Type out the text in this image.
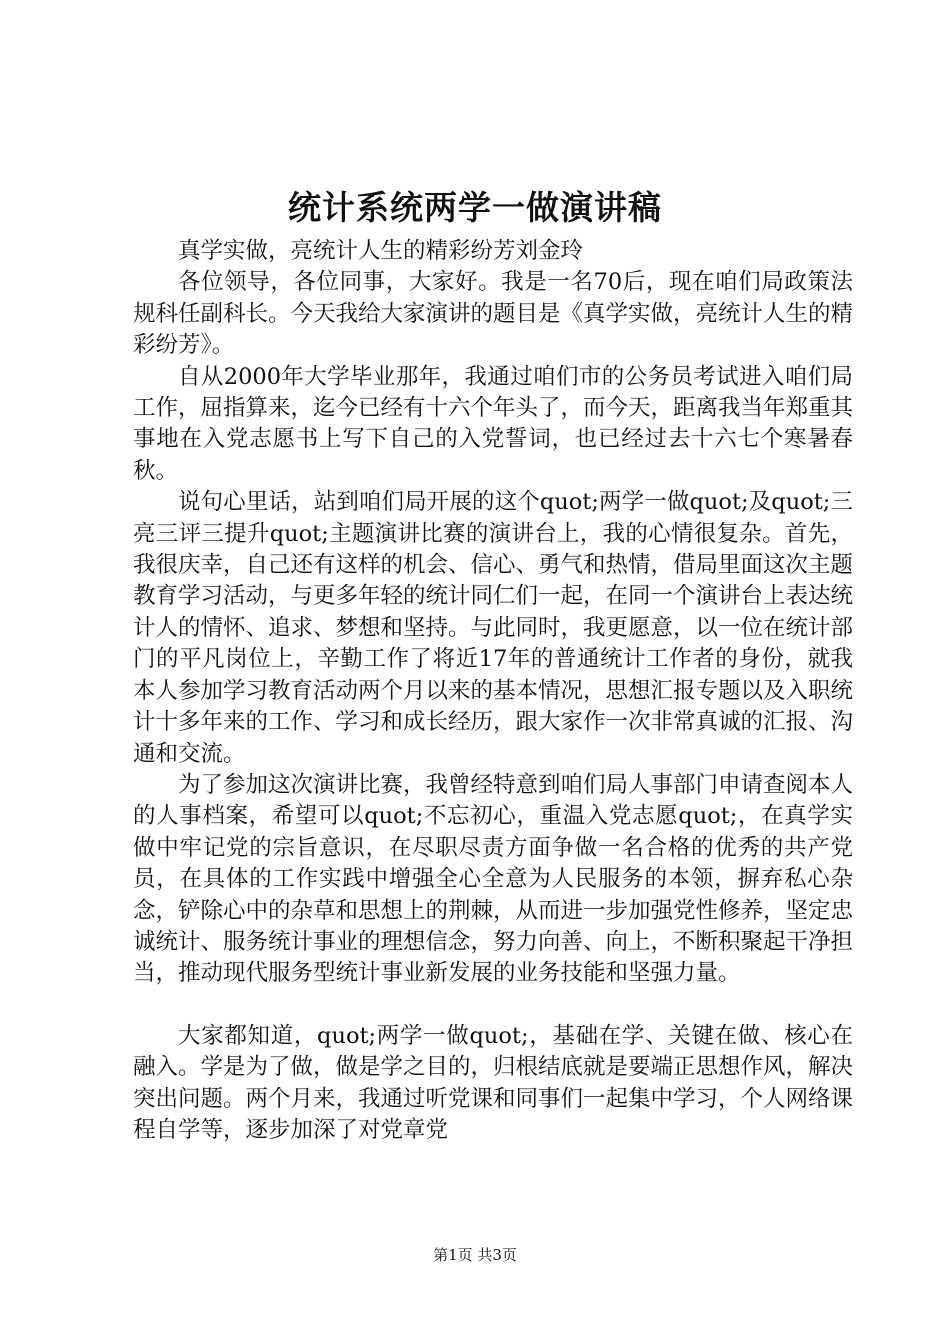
统计系统两学一做演讲稿

真学实做，亮统计人生的精彩纷芳刘金玲

各位领导，各位同事，大家好。我是一名70后，现在咱们局政策法规科任副科长。今天我给大家演讲的题目是《真学实做，亮统计人生的精彩纷芳》。

自从2000年大学毕业那年，我通过咱们市的公务员考试进入咱们局工作，屈指算来，迄今已经有十六个年头了，而今天，距离我当年郑重其事地在入党志愿书上写下自己的入党誓词，也已经过去十六七个寒暑春秋。

说句心里话，站到咱们局开展的这个quot;两学一做quot;及quot;三亮三评三提升quot;主题演讲比赛的演讲台上，我的心情很复杂。首先，我很庆幸，自己还有这样的机会、信心、勇气和热情，借局里面这次主题教育学习活动，与更多年轻的统计同仁们一起，在同一个演讲台上表达统计人的情怀、追求、梦想和坚持。与此同时，我更愿意，以一位在统计部门的平凡岗位上，辛勤工作了将近17年的普通统计工作者的身份，就我本人参加学习教育活动两个月以来的基本情况，思想汇报专题以及入职统计十多年来的工作、学习和成长经历，跟大家作一次非常真诚的汇报、沟通和交流。

为了参加这次演讲比赛，我曾经特意到咱们局人事部门申请查阅本人的人事档案，希望可以quot;不忘初心，重温入党志愿quot;，在真学实做中牢记党的宗旨意识，在尽职尽责方面争做一名合格的优秀的共产党员，在具体的工作实践中增强全心全意为人民服务的本领，摒弃私心杂念，铲除心中的杂草和思想上的荆棘，从而进一步加强党性修养，坚定忠诚统计、服务统计事业的理想信念，努力向善、向上，不断积聚起干净担当，推动现代服务型统计事业新发展的业务技能和坚强力量。

大家都知道，quot;两学一做quot;，基础在学、关键在做、核心在融入。学是为了做，做是学之目的，归根结底就是要端正思想作风，解决突出问题。两个月来，我通过听党课和同事们一起集中学习，个人网络课程自学等，逐步加深了对党章党

第1页 共3页
